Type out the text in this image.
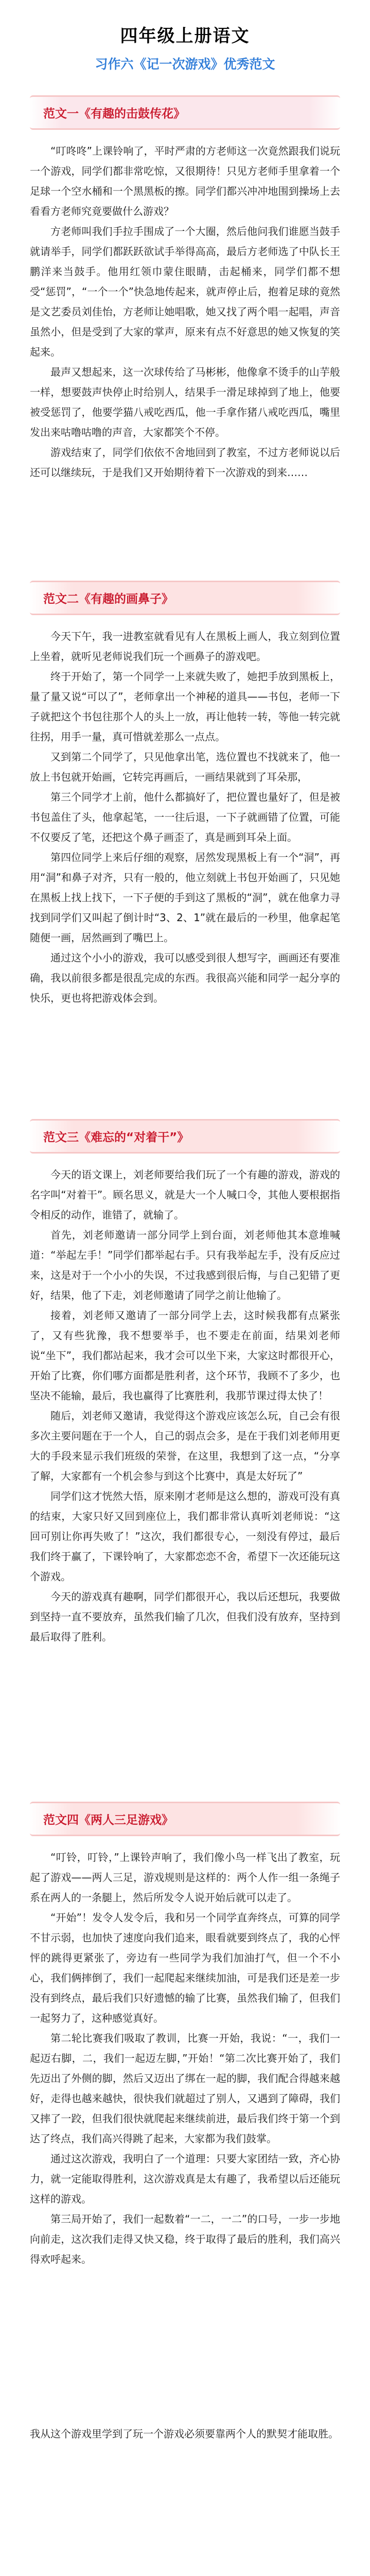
四年级上册语文
习作六《记一次游戏》优秀范文
范文一《有趣的击鼓传花》

“叮咚咚”上课铃响了，平时严肃的方老师这一次竟然跟我们说玩一个游戏，同学们都非常吃惊，又很期待！只见方老师手里拿着一个足球一个空水桶和一个黑黑板的擦。同学们都兴冲冲地围到操场上去看看方老师究竟要做什么游戏？

方老师叫我们手拉手围成了一个大圈，然后他问我们谁愿当鼓手就请举手，同学们都跃跃欲试手举得高高，最后方老师选了中队长王鹏洋来当鼓手。他用红领巾蒙住眼睛，击起桶来，同学们都不想受“惩罚”，“一个一个”快急地传起来，就声停止后，抱着足球的竟然是文艺委员刘佳怡，方老师让她唱歌，她又找了两个唱一起唱，声音虽然小，但是受到了大家的掌声，原来有点不好意思的她又恢复的笑起来。

最声又想起来，这一次球传给了马彬彬，他像拿不烫手的山芋般一样，想要鼓声快停止时给别人，结果手一滑足球掉到了地上，他要被受惩罚了，他要学猫八戒吃西瓜，他一手拿作猪八戒吃西瓜，嘴里发出来咕噜咕噜的声音，大家都笑个不停。

游戏结束了，同学们依依不舍地回到了教室，不过方老师说以后还可以继续玩，于是我们又开始期待着下一次游戏的到来……

范文二《有趣的画鼻子》

今天下午，我一进教室就看见有人在黑板上画人，我立刻到位置上坐着，就听见老师说我们玩一个画鼻子的游戏吧。

终于开始了，第一个同学一上来就失败了，她把手放到黑板上，量了量又说“可以了”，老师拿出一个神秘的道具——书包，老师一下子就把这个书包往那个人的头上一放，再让他转一转，等他一转完就往拐，用手一量，真可惜就差那么一点点。

又到第二个同学了，只见他拿出笔，选位置也不找就来了，他一放上书包就开始画，它转完再画后，一画结果就到了耳朵那，

第三个同学才上前，他什么都搞好了，把位置也量好了，但是被书包盖住了头，他拿起笔，一一往后退，一下子就画错了位置，可能不仅要反了笔，还把这个鼻子画歪了，真是画到耳朵上面。

第四位同学上来后仔细的观察，居然发现黑板上有一个“洞”，再用“洞”和鼻子对齐，只有一般的，他立刻就上书包开始画了，只见她在黑板上找上找下，一下子便的手到这了黑板的“洞”，就在他拿力寻找到同学们又叫起了倒计时“3、2、1”就在最后的一秒里，他拿起笔随便一画，居然画到了嘴巴上。

通过这个小小的游戏，我可以感受到很人想写字，画画还有要准确，我以前很多都是很乱完成的东西。我很高兴能和同学一起分享的快乐，更也将把游戏体会到。

范文三《难忘的“对着干”》

今天的语文课上，刘老师要给我们玩了一个有趣的游戏，游戏的名字叫“对着干”。顾名思义，就是大一个人喊口令，其他人要根据指令相反的动作，谁错了，就输了。

首先，刘老师邀请一部分同学上到台面，刘老师他其本意堆喊道：“举起左手！”同学们都举起右手。只有我举起左手，没有反应过来，这是对于一个小小的失误，不过我感到很后悔，与自己犯错了更好，结果，他了下走，刘老师邀请了同学之前让他输了。

接着，刘老师又邀请了一部分同学上去，这时候我都有点紧张了，又有些犹豫，我不想要举手，也不要走在前面，结果刘老师说“坐下”，我们都站起来，我才会可以坐下来，大家这时都很开心，开始了比赛，你们哪方面都是胜利者，这个环节，我顾不了多少，也坚决不能输，最后，我也赢得了比赛胜利，我那节课过得太快了！

随后，刘老师又邀请，我觉得这个游戏应该怎么玩，自己会有很多次主要问题在于一个人，自己的弱点会多，是在于我们刘老师用更大的手段来显示我们班级的荣誉，在这里，我想到了这一点，“分享了解，大家都有一个机会参与到这个比赛中，真是太好玩了”

同学们这才恍然大悟，原来刚才老师是这么想的，游戏可没有真的结束，大家只好又回到座位上，我们都非常认真听刘老师说：“这回可别让你再失败了！”这次，我们都很专心，一刻没有停过，最后我们终于赢了，下课铃响了，大家都恋恋不舍，希望下一次还能玩这个游戏。

今天的游戏真有趣啊，同学们都很开心，我以后还想玩，我要做到坚持一直不要放弃，虽然我们输了几次，但我们没有放弃，坚持到最后取得了胜利。

范文四《两人三足游戏》

“叮铃，叮铃，”上课铃声响了，我们像小鸟一样飞出了教室，玩起了游戏——两人三足，游戏规则是这样的：两个人作一组一条绳子系在两人的一条腿上，然后所发令人说开始后就可以走了。

“开始”！发令人发令后，我和另一个同学直奔终点，可算的同学不甘示弱，也加快了速度向我们追来，眼看就要到终点了，我的心怦怦的跳得更紧张了，旁边有一些同学为我们加油打气，但一个不小心，我们俩摔倒了，我们一起爬起来继续加油，可是我们还是差一步没有到终点，最后我们只好遗憾的输了比赛，虽然我们输了，但我们一起努力了，这种感觉真好。

第二轮比赛我们吸取了教训，比赛一开始，我说：“一，我们一起迈右脚，二，我们一起迈左脚，”开始！“第二次比赛开始了，我们先迈出了外侧的脚，然后又迈出了绑在一起的脚，我们配合得越来越好，走得也越来越快，很快我们就超过了别人，又遇到了障碍，我们又摔了一跤，但我们很快就爬起来继续前进，最后我们终于第一个到达了终点，我们高兴得跳了起来，大家都为我们鼓掌。

通过这次游戏，我明白了一个道理：只要大家团结一致，齐心协力，就一定能取得胜利，这次游戏真是太有趣了，我希望以后还能玩这样的游戏。

第三局开始了，我们一起数着“一二，一二”的口号，一步一步地向前走，这次我们走得又快又稳，终于取得了最后的胜利，我们高兴得欢呼起来。

我从这个游戏里学到了玩一个游戏必须要靠两个人的默契才能取胜。
